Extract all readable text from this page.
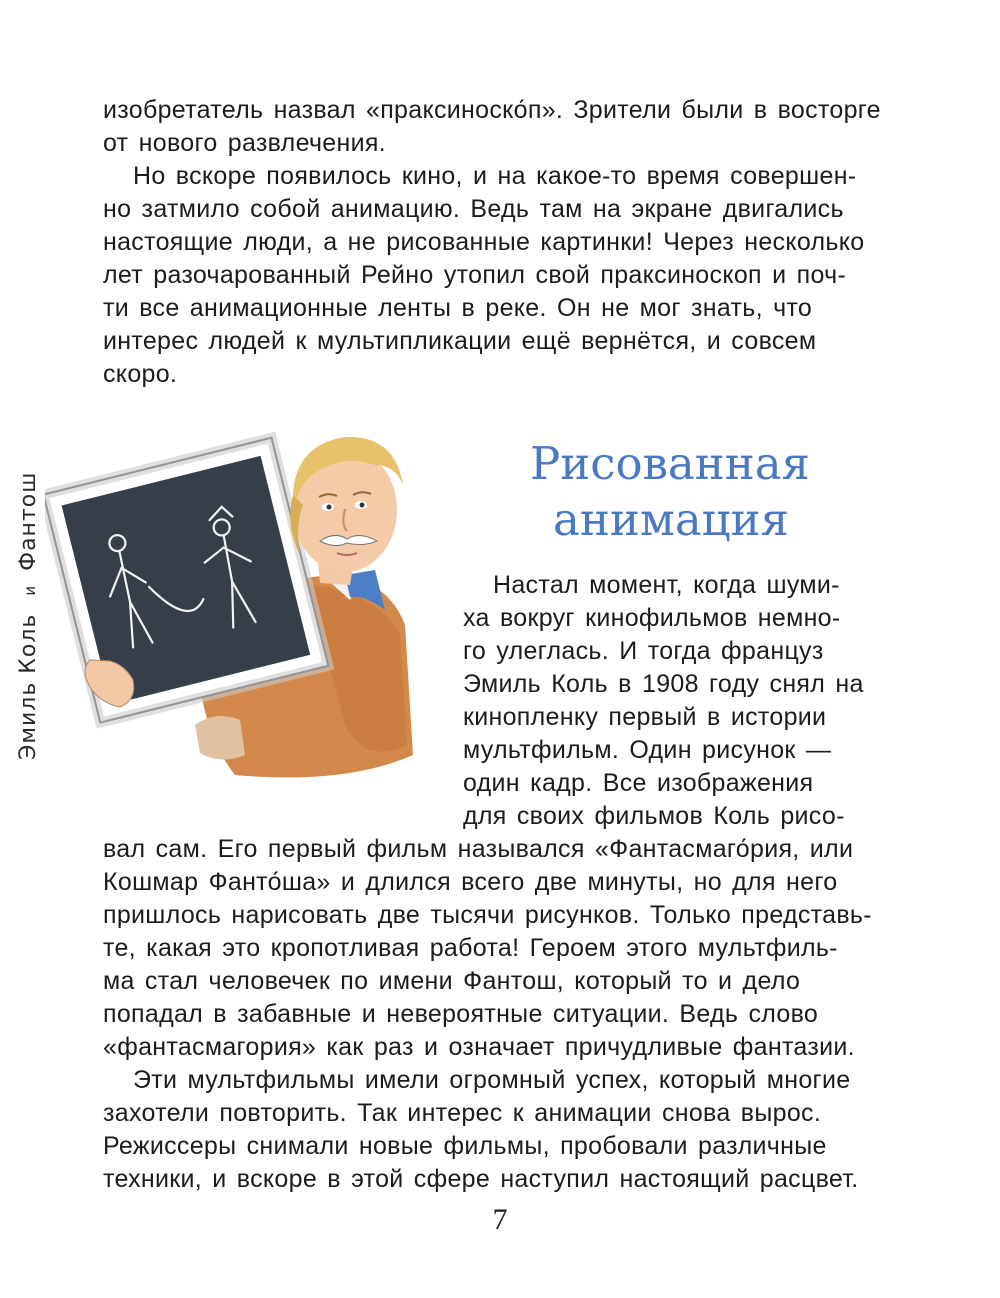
изобретатель назвал «праксиноско́п». Зрители были в восторге

от нового развлечения.

Но вскоре появилось кино, и на какое-то время совершен-

но затмило собой анимацию. Ведь там на экране двигались

настоящие люди, а не рисованные картинки! Через несколько

лет разочарованный Рейно утопил свой праксиноскоп и поч-

ти все анимационные ленты в реке. Он не мог знать, что

интерес людей к мультипликации ещё вернётся, и совсем

скоро.

Рисованная
анимация
Эмиль КольиФантош

Настал момент, когда шуми-

ха вокруг кинофильмов немно-

го улеглась. И тогда француз

Эмиль Коль в 1908 году снял на

кинопленку первый в истории

мультфильм. Один рисунок —

один кадр. Все изображения

для своих фильмов Коль рисо-

вал сам. Его первый фильм назывался «Фантасмаго́рия, или

Кошмар Фанто́ша» и длился всего две минуты, но для него

пришлось нарисовать две тысячи рисунков. Только представь-

те, какая это кропотливая работа! Героем этого мультфиль-

ма стал человечек по имени Фантош, который то и дело

попадал в забавные и невероятные ситуации. Ведь слово

«фантасмагория» как раз и означает причудливые фантазии.

Эти мультфильмы имели огромный успех, который многие

захотели повторить. Так интерес к анимации снова вырос.

Режиссеры снимали новые фильмы, пробовали различные

техники, и вскоре в этой сфере наступил настоящий расцвет.

7
